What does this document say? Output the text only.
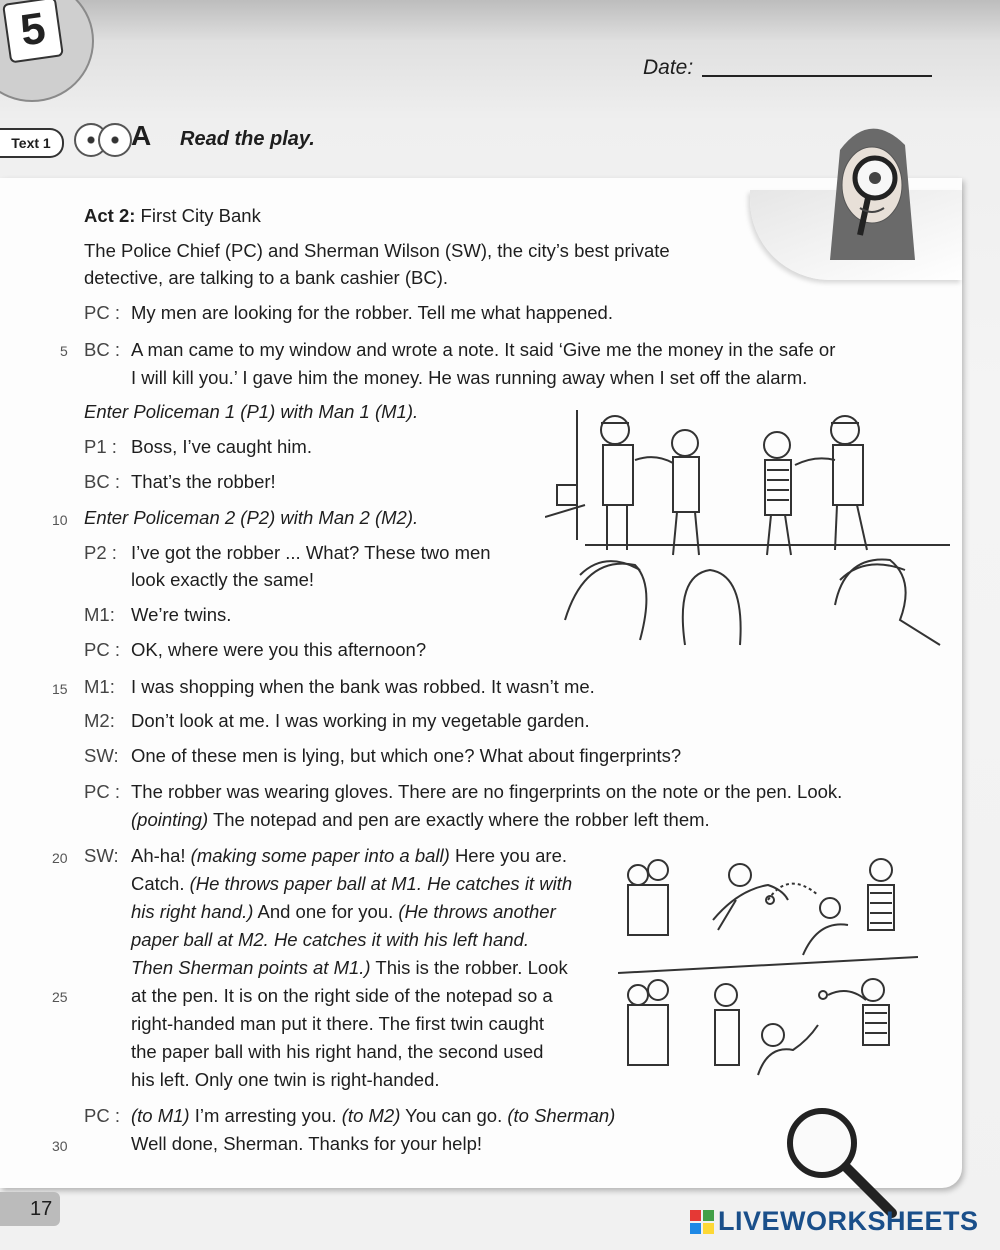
5
Date:
Text 1	A Read the play.
Act 2: First City Bank
The Police Chief (PC) and Sherman Wilson (SW), the city’s best private
detective, are talking to a bank cashier (BC).
PC : My men are looking for the robber. Tell me what happened.
5 BC : A man came to my window and wrote a note. It said ‘Give me the money in the safe or
I will kill you.’ I gave him the money. He was running away when I set off the alarm.
Enter Policeman 1 (P1) with Man 1 (M1).
P1 : Boss, I’ve caught him.
BC : That’s the robber!
10 Enter Policeman 2 (P2) with Man 2 (M2).
P2 : I’ve got the robber ... What? These two men
look exactly the same!
M1: We’re twins.
PC : OK, where were you this afternoon?
15 M1: I was shopping when the bank was robbed. It wasn’t me.
M2: Don’t look at me. I was working in my vegetable garden.
SW: One of these men is lying, but which one? What about fingerprints?
PC : The robber was wearing gloves. There are no fingerprints on the note or the pen. Look.
(pointing) The notepad and pen are exactly where the robber left them.
20 SW: Ah-ha! (making some paper into a ball) Here you are.
Catch. (He throws paper ball at M1. He catches it with
his right hand.) And one for you. (He throws another
paper ball at M2. He catches it with his left hand.
Then Sherman points at M1.) This is the robber. Look
25	at the pen. It is on the right side of the notepad so a
right-handed man put it there. The first twin caught
the paper ball with his right hand, the second used
his left. Only one twin is right-handed.
PC : (to M1) I’m arresting you. (to M2) You can go. (to Sherman)
30	Well done, Sherman. Thanks for your help!
17	LIVEWORKSHEETS
